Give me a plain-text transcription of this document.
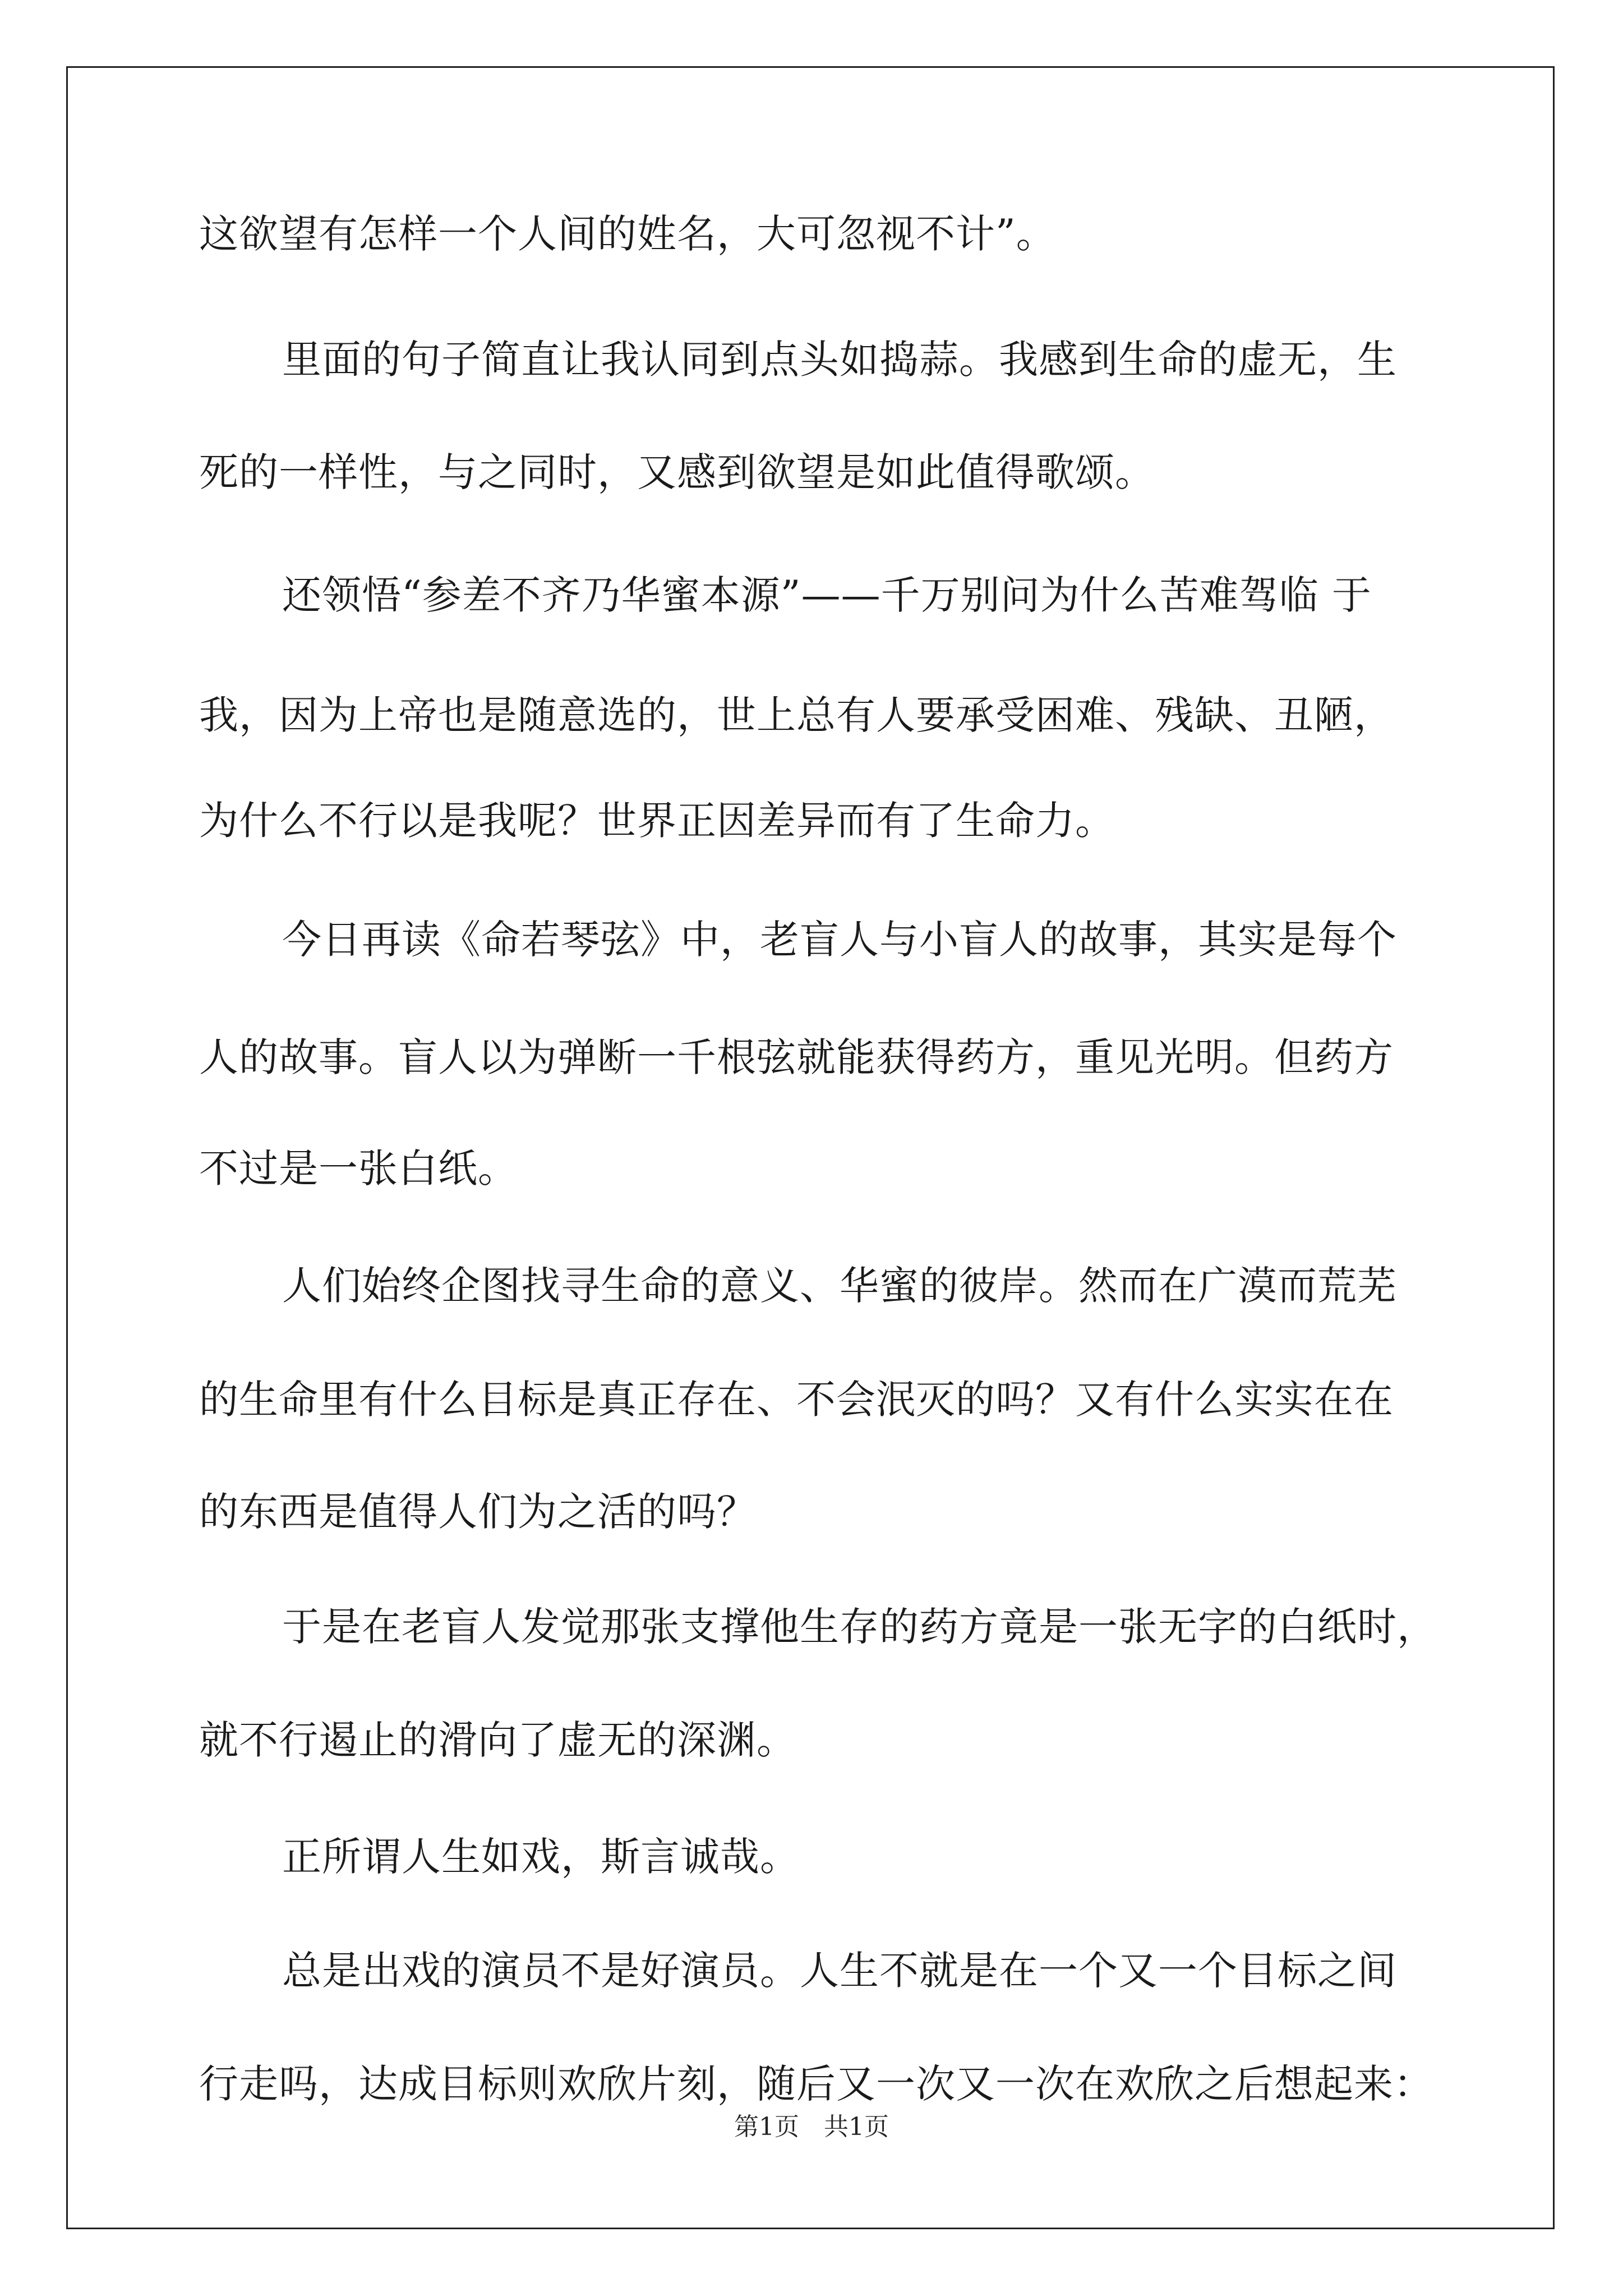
这欲望有怎样一个人间的姓名，大可忽视不计”。
里面的句子简直让我认同到点头如捣蒜。我感到生命的虚无，生
死的一样性，与之同时，又感到欲望是如此值得歌颂。
还领悟“参差不齐乃华蜜本源”——千万别问为什么苦难驾临 于
我，因为上帝也是随意选的，世上总有人要承受困难、残缺、丑陋，
为什么不行以是我呢？世界正因差异而有了生命力。
今日再读《命若琴弦》中，老盲人与小盲人的故事，其实是每个
人的故事。盲人以为弹断一千根弦就能获得药方，重见光明。但药方
不过是一张白纸。
人们始终企图找寻生命的意义、华蜜的彼岸。然而在广漠而荒芜
的生命里有什么目标是真正存在、不会泯灭的吗？又有什么实实在在
的东西是值得人们为之活的吗？
于是在老盲人发觉那张支撑他生存的药方竟是一张无字的白纸时，
就不行遏止的滑向了虚无的深渊。
正所谓人生如戏，斯言诚哉。
总是出戏的演员不是好演员。人生不就是在一个又一个目标之间
行走吗，达成目标则欢欣片刻，随后又一次又一次在欢欣之后想起来：
第1页　共1页
